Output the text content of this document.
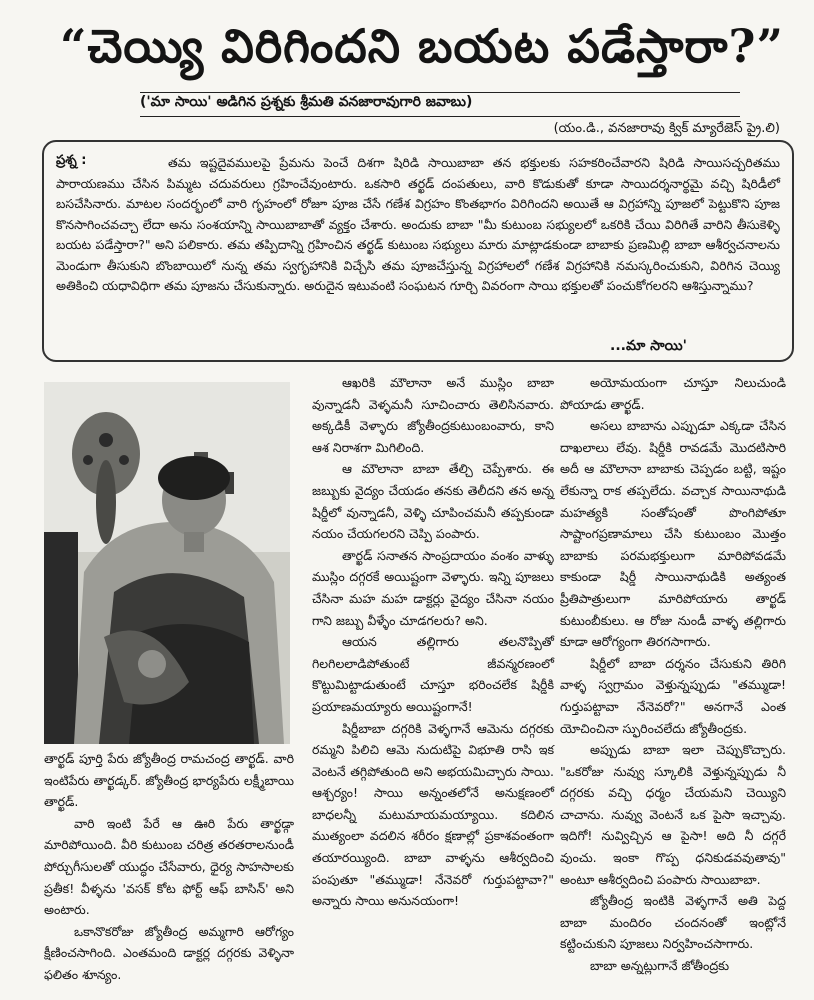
“చెయ్యి విరిగిందని బయట పడేస్తారా?”
('మా సాయి' అడిగిన ప్రశ్నకు శ్రీమతి వనజారావుగారి జవాబు)
(యం.డి., వనజారావు క్విక్ మ్యారేజెస్ ప్రై.లి)
ప్రశ్న :	తమ ఇష్టదైవములపై ప్రేమను పెంచే దిశగా షిరిడి సాయిబాబా తన భక్తులకు సహకరించేవారని షిరిడి సాయిసచ్చరితము పారాయణము చేసిన పిమ్మట చదువరులు గ్రహించేవుంటారు. ఒకసారి తర్ఖడ్ దంపతులు, వారి కొడుకుతో కూడా సాయిదర్శనార్థమై వచ్చి షిరిడీలో బసచేసినారు. మాటల సందర్భంలో వారి గృహంలో రోజూ పూజ చేసే గణేశ విగ్రహం కొంతభాగం విరిగిందని అయితే ఆ విగ్రహాన్ని పూజలో పెట్టుకొని పూజ కొనసాగించవచ్చా లేదా అను సంశయాన్ని సాయిబాబాతో వ్యక్తం చేశారు. అందుకు బాబా "మీ కుటుంబ సభ్యులలో ఒకరికి చేయి విరిగితే వారిని తీసుకెళ్ళి బయట పడేస్తారా?" అని పలికారు. తమ తప్పిదాన్ని గ్రహించిన తర్ఖడ్ కుటుంబ సభ్యులు మారు మాట్లాడకుండా బాబాకు ప్రణమిల్లి బాబా ఆశీర్వచనాలను మెండుగా తీసుకుని బొంబాయిలో నున్న తమ స్వగృహానికి విచ్చేసి తమ పూజచేస్తున్న విగ్రహాలలో గణేశ విగ్రహానికి నమస్కరించుకుని, విరిగిన చెయ్యి అతికించి యధావిధిగా తమ పూజను చేసుకున్నారు. అరుదైన ఇటువంటి సంఘటన గూర్చి వివరంగా సాయి భక్తులతో పంచుకోగలరని ఆశిస్తున్నాము?
...మా సాయి'

తార్ఖడ్ పూర్తి పేరు జ్యోతీంద్ర రామచంద్ర తార్ఖడ్. వారి ఇంటిపేరు తార్ఖడ్కర్. జ్యోతీంద్ర భార్యపేరు లక్ష్మీబాయి తార్ఖడ్.

వారి ఇంటి పేరే ఆ ఊరి పేరు తార్ఖడ్గా మారిపోయింది. వీరి కుటుంబ చరిత్ర తరతరాలనుండీ పోర్చుగీసులతో యుద్ధం చేసేవారు, ధైర్య సాహసాలకు ప్రతీక! వీళ్ళను 'వసక్ కోట ఫోర్ట్ ఆఫ్ బాసిన్' అని అంటారు.

ఒకానొకరోజు జ్యోతీంద్ర అమ్మగారి ఆరోగ్యం క్షీణించసాగింది. ఎంతమంది డాక్టర్ల దగ్గరకు వెళ్ళినా ఫలితం శూన్యం.

ఆఖరికి మౌలానా అనే ముస్లిం బాబా వున్నాడనీ వెళ్ళమనీ సూచించారు తెలిసినవారు. అక్కడికీ వెళ్ళారు జ్యోతీంద్రకుటుంబంవారు, కాని ఆశ నిరాశగా మిగిలింది.

ఆ మౌలానా బాబా తేల్చి చెప్పేశారు. ఈ జబ్బుకు వైద్యం చేయడం తనకు తెలీదని తన అన్న షిర్డీలో వున్నాడనీ, వెళ్ళి చూపించమనీ తప్పకుండా నయం చేయగలరని చెప్పి పంపారు.

తార్ఖడ్ సనాతన సాంప్రదాయం వంశం వాళ్ళు ముస్లిం దగ్గరకే అయిష్టంగా వెళ్ళారు. ఇన్ని పూజలు చేసినా మహ మహ డాక్టర్లు వైద్యం చేసినా నయం గాని జబ్బు వీళ్ళేం చూడగలరు? అని.

ఆయన తల్లిగారు తలనొప్పితో గిలగిలలాడిపోతుంటే జీవన్మరణంలో కొట్టుమిట్టాడుతుంటే చూస్తూ భరించలేక షిర్డీకి ప్రయాణమయ్యారు అయిష్టంగానే!

షిర్డీబాబా దగ్గరికి వెళ్ళగానే ఆమెను దగ్గరకు రమ్మని పిలిచి ఆమె నుదుటిపై విభూతి రాసి ఇక వెంటనే తగ్గిపోతుంది అని అభయమిచ్చారు సాయి. ఆశ్చర్యం! సాయి అన్నంతలోనే అనుక్షణంలో బాధలన్నీ మటుమాయమయ్యాయి. కదిలిన ముత్యంలా వదలిన శరీరం క్షణాల్లో ప్రకాశవంతంగా తయారయ్యింది. బాబా వాళ్ళను ఆశీర్వదించి పంపుతూ "తమ్ముడా! నేనెవరో గుర్తుపట్టావా?" అన్నారు సాయి అనునయంగా!

అయోమయంగా చూస్తూ నిలుచుండి పోయాడు తార్ఖడ్.

అసలు బాబాను ఎప్పుడూ ఎక్కడా చేసిన దాఖలాలు లేవు. షిర్డీకి రావడమే మొదటిసారి అదీ ఆ మౌలానా బాబాకు చెప్పడం బట్టి, ఇష్టం లేకున్నా రాక తప్పలేదు. వచ్చాక సాయినాథుడి మహత్యకి సంతోషంతో పొంగిపోతూ సాష్టాంగప్రణామాలు చేసి కుటుంబం మొత్తం బాబాకు పరమభక్తులుగా మారిపోవడమే కాకుండా షిర్డీ సాయినాథుడికి అత్యంత ప్రీతిపాత్రులుగా మారిపోయారు తార్ఖడ్ కుటుంబీకులు. ఆ రోజు నుండీ వాళ్ళ తల్లిగారు కూడా ఆరోగ్యంగా తిరగసాగారు.

షిర్డీలో బాబా దర్శనం చేసుకుని తిరిగి వాళ్ళ స్వగ్రామం వెళ్తున్నప్పుడు "తమ్ముడా! గుర్తుపట్టావా నేనెవరో?" అనగానే ఎంత యోచించినా స్ఫురించలేదు జ్యోతీంద్రకు.

అప్పుడు బాబా ఇలా చెప్పుకొచ్చారు. "ఒకరోజు నువ్వు స్కూలికి వెళ్తున్నప్పుడు నీ దగ్గరకు వచ్చి ధర్మం చేయమని చెయ్యిని చాచాను. నువ్వు వెంటనే ఒక పైసా ఇచ్చావు. ఇదిగో! నువ్విచ్చిన ఆ పైసా! అది నీ దగ్గరే వుంచు. ఇంకా గొప్ప ధనికుడవవుతావు" అంటూ ఆశీర్వదించి పంపారు సాయిబాబా.

జ్యోతీంద్ర ఇంటికి వెళ్ళగానే అతి పెద్ద బాబా మందిరం చందనంతో ఇంట్లోనే కట్టించుకుని పూజలు నిర్వహించసాగారు.

బాబా అన్నట్లుగానే జోతీంద్రకు
